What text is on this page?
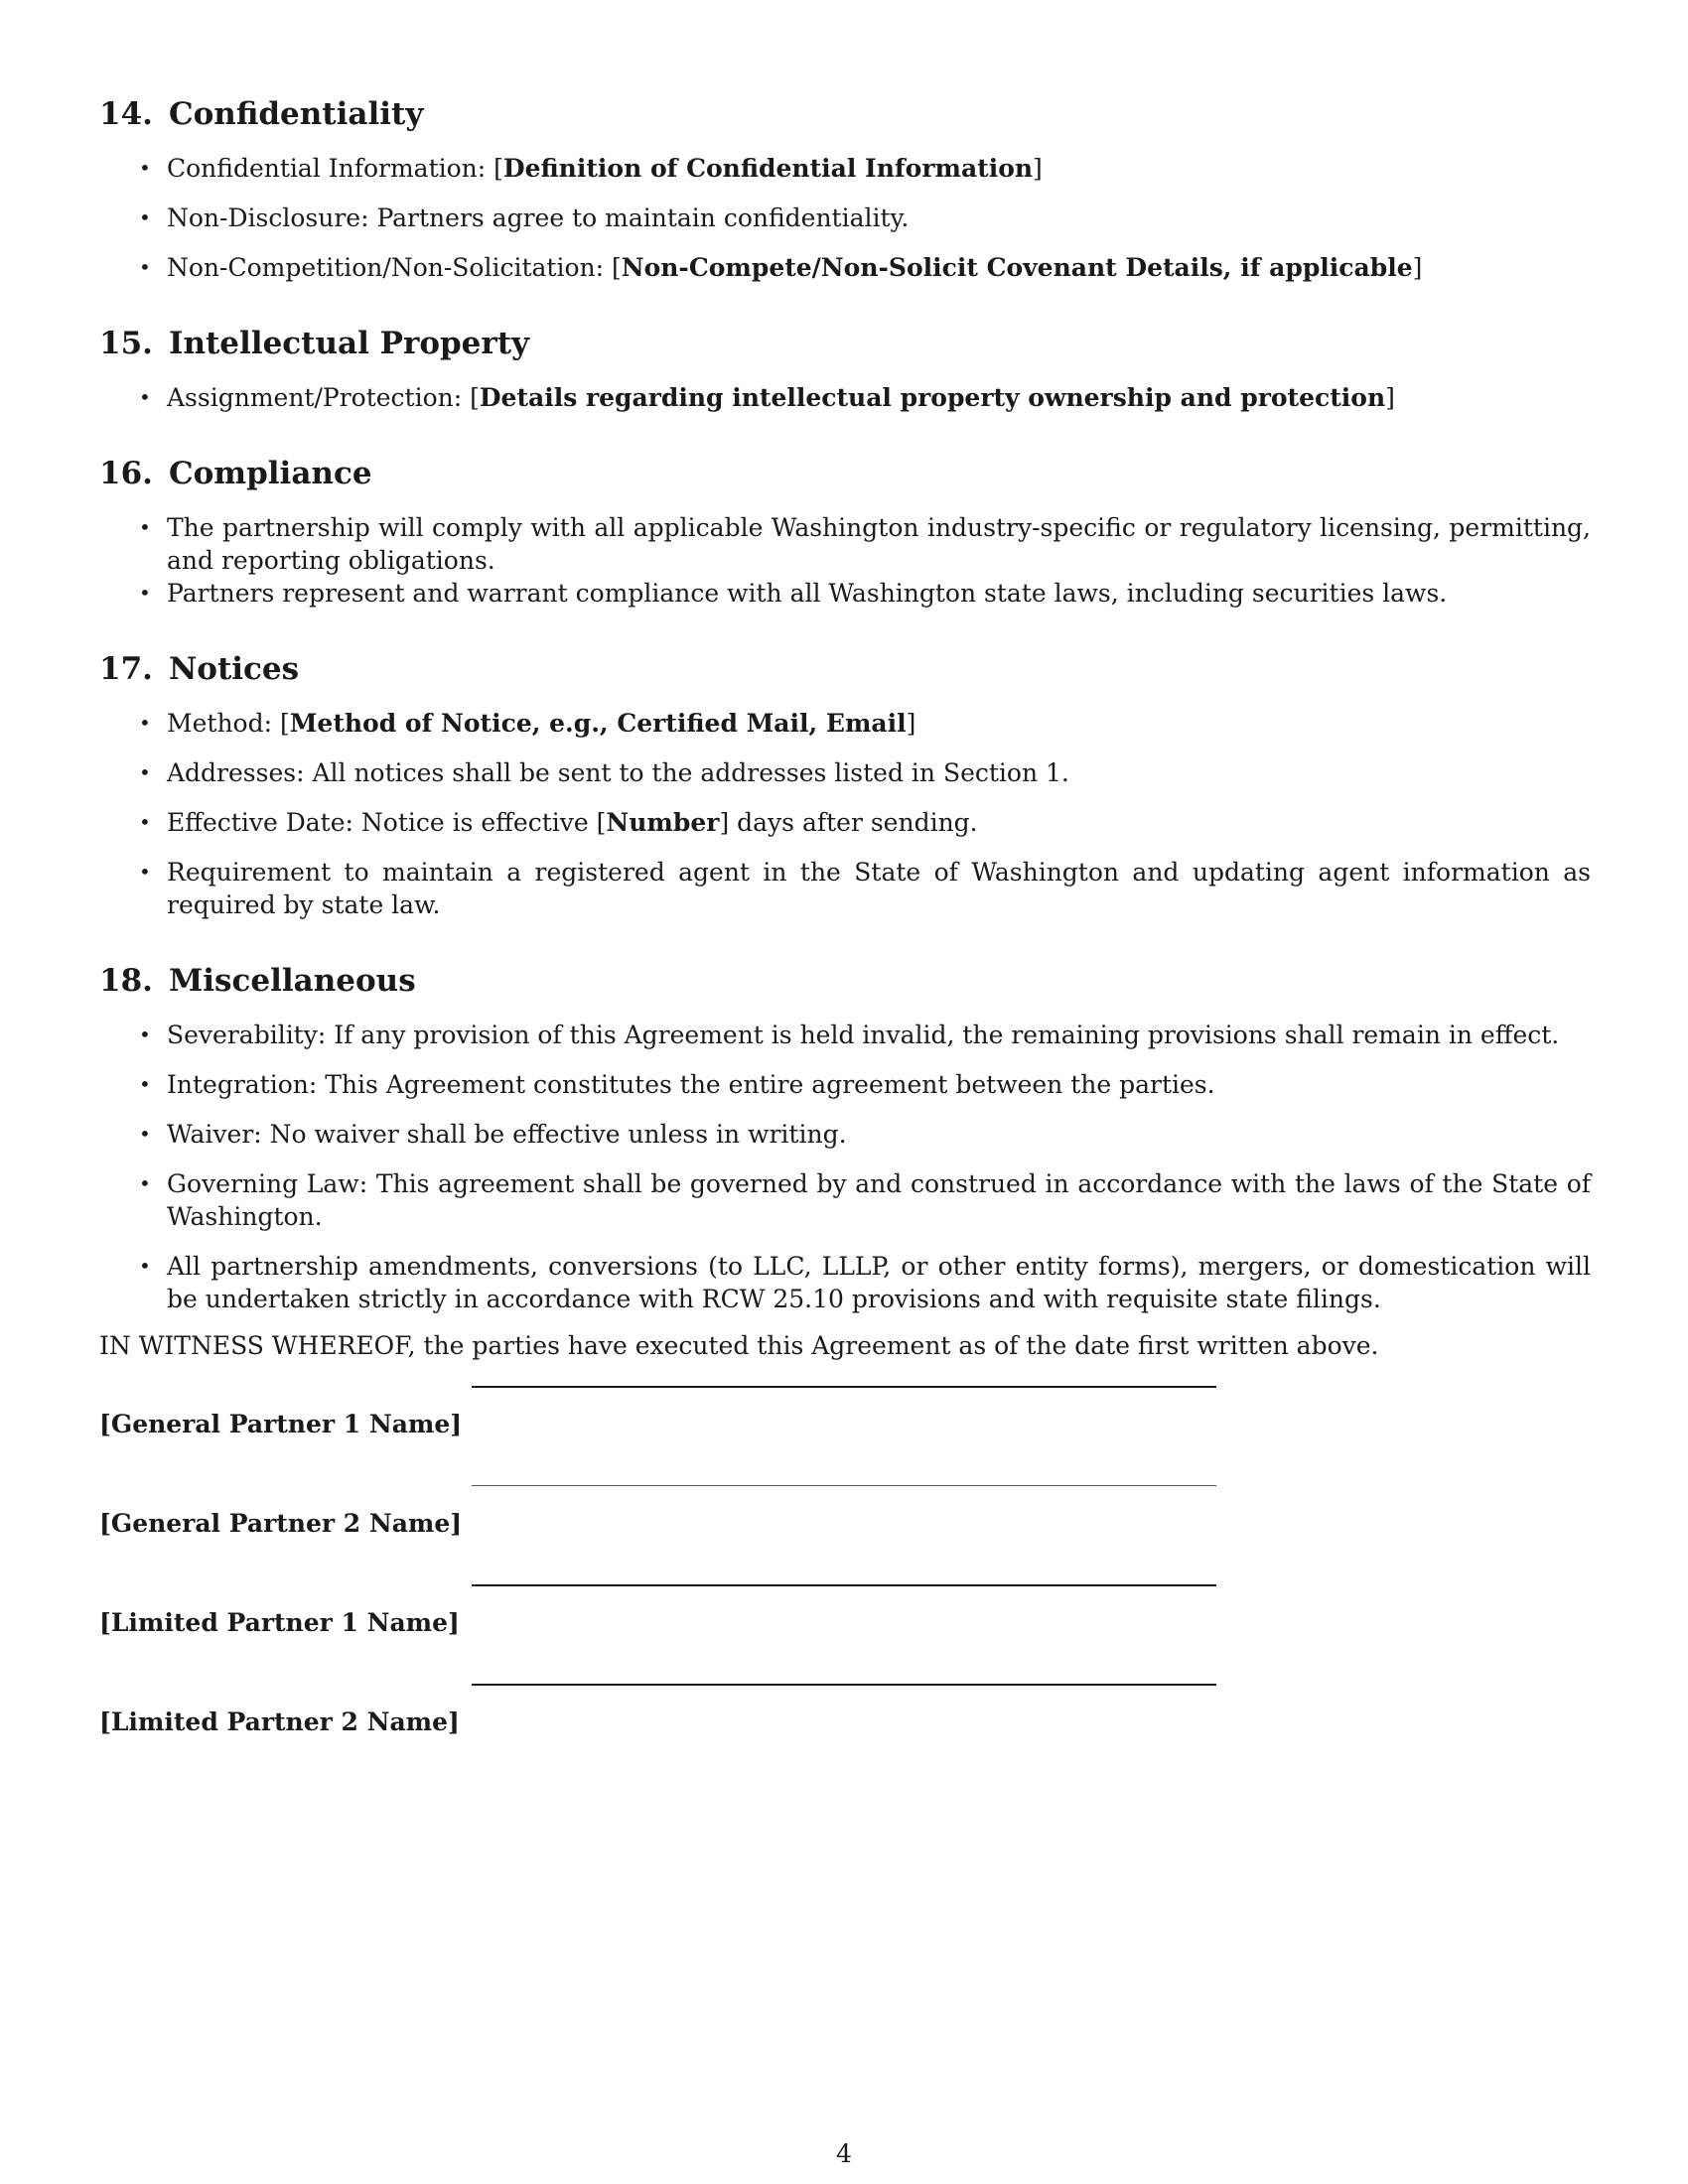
14. Confidentiality
• Confidential Information: [Definition of Confidential Information]
• Non-Disclosure: Partners agree to maintain confidentiality.
• Non-Competition/Non-Solicitation: [Non-Compete/Non-Solicit Covenant Details, if applicable]
15. Intellectual Property
• Assignment/Protection: [Details regarding intellectual property ownership and protection]
16. Compliance
• The partnership will comply with all applicable Washington industry-specific or regulatory licensing, permitting, and reporting obligations.
• Partners represent and warrant compliance with all Washington state laws, including securities laws.
17. Notices
• Method: [Method of Notice, e.g., Certified Mail, Email]
• Addresses: All notices shall be sent to the addresses listed in Section 1.
• Effective Date: Notice is effective [Number] days after sending.
• Requirement to maintain a registered agent in the State of Washington and updating agent information as required by state law.
18. Miscellaneous
• Severability: If any provision of this Agreement is held invalid, the remaining provisions shall remain in effect.
• Integration: This Agreement constitutes the entire agreement between the parties.
• Waiver: No waiver shall be effective unless in writing.
• Governing Law: This agreement shall be governed by and construed in accordance with the laws of the State of Washington.
• All partnership amendments, conversions (to LLC, LLLP, or other entity forms), mergers, or domestication will be undertaken strictly in accordance with RCW 25.10 provisions and with requisite state filings.
IN WITNESS WHEREOF, the parties have executed this Agreement as of the date first written above.
[General Partner 1 Name]
[General Partner 2 Name]
[Limited Partner 1 Name]
[Limited Partner 2 Name]
4
